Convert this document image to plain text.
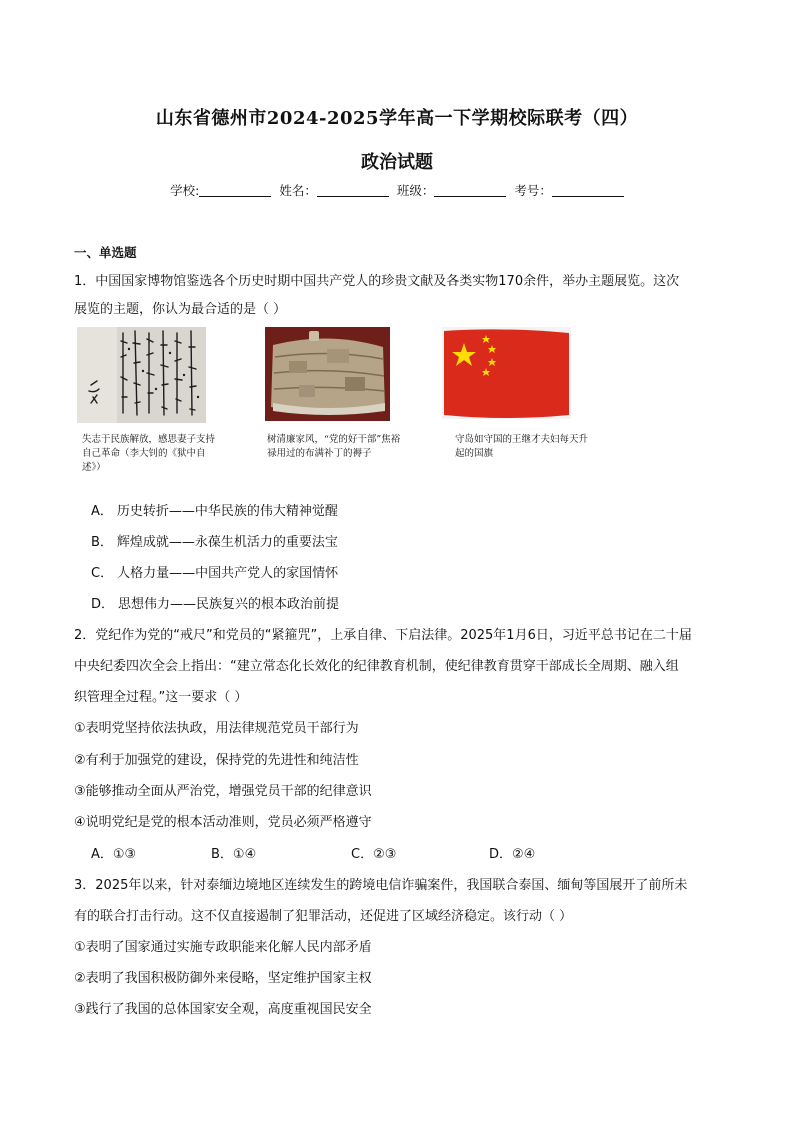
山东省德州市2024-2025学年高一下学期校际联考（四）
政治试题
学校:	姓名：	班级：	考号：
一、单选题
1．中国国家博物馆鉴选各个历史时期中国共产党人的珍贵文献及各类实物170余件，举办主题展览。这次
展览的主题，你认为最合适的是（ ）
失志于民族解放，感思妻子支持自己革命（李大钊的《狱中自述》）
树清廉家风，“党的好干部”焦裕禄用过的布满补丁的褥子
守岛如守国的王继才夫妇每天升起的国旗
A． 历史转折——中华民族的伟大精神觉醒
B． 辉煌成就——永葆生机活力的重要法宝
C． 人格力量——中国共产党人的家国情怀
D． 思想伟力——民族复兴的根本政治前提
2．党纪作为党的“戒尺”和党员的“紧箍咒”，上承自律、下启法律。2025年1月6日，习近平总书记在二十届
中央纪委四次全会上指出：“建立常态化长效化的纪律教育机制，使纪律教育贯穿干部成长全周期、融入组
织管理全过程。”这一要求（ ）
①表明党坚持依法执政，用法律规范党员干部行为
②有利于加强党的建设，保持党的先进性和纯洁性
③能够推动全面从严治党，增强党员干部的纪律意识
④说明党纪是党的根本活动准则，党员必须严格遵守
A．①③	B．①④	C．②③	D．②④
3．2025年以来，针对泰缅边境地区连续发生的跨境电信诈骗案件，我国联合泰国、缅甸等国展开了前所未
有的联合打击行动。这不仅直接遏制了犯罪活动，还促进了区域经济稳定。该行动（ ）
①表明了国家通过实施专政职能来化解人民内部矛盾
②表明了我国积极防御外来侵略，坚定维护国家主权
③践行了我国的总体国家安全观，高度重视国民安全
